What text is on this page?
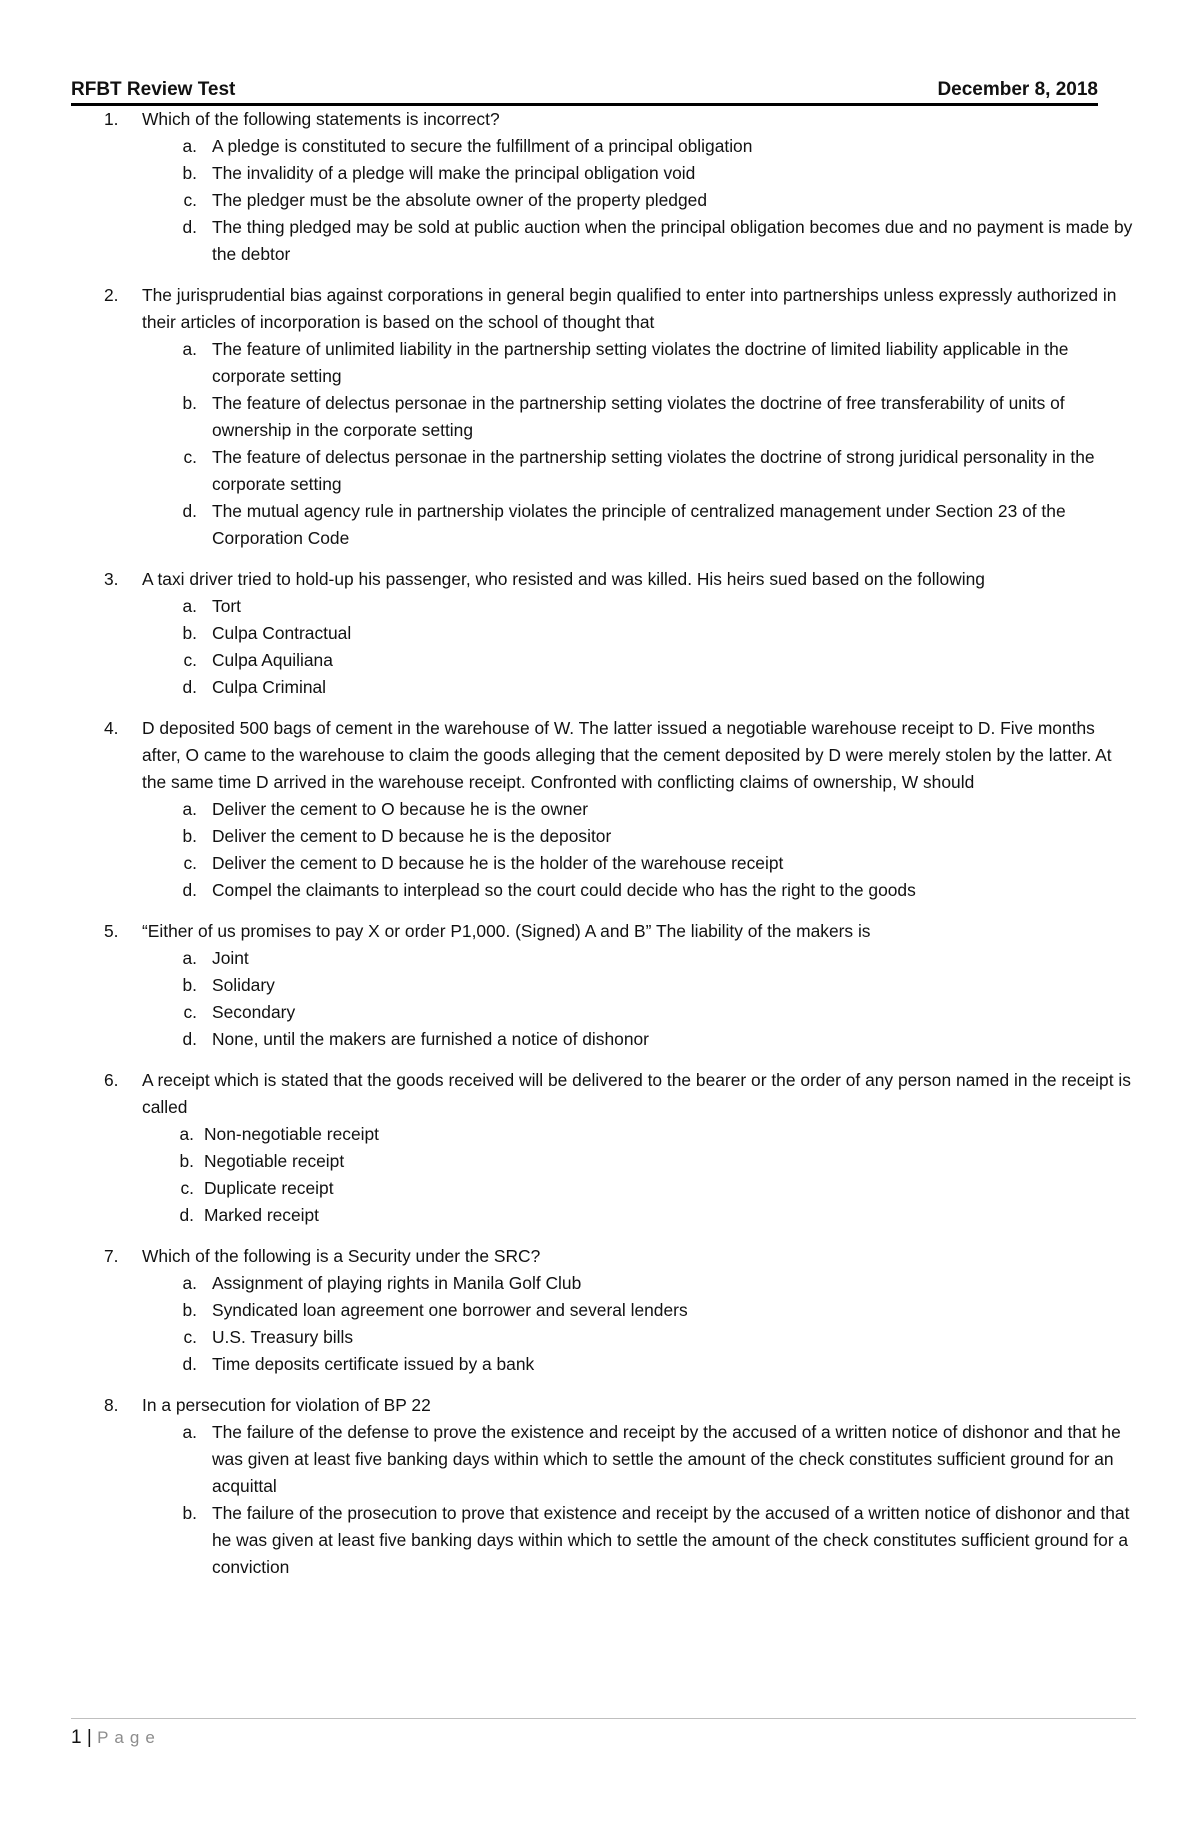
RFBT Review Test	December 8, 2018
1.	Which of the following statements is incorrect?
a. A pledge is constituted to secure the fulfillment of a principal obligation
b. The invalidity of a pledge will make the principal obligation void
c. The pledger must be the absolute owner of the property pledged
d. The thing pledged may be sold at public auction when the principal obligation becomes due and no payment is made by the debtor
2.	The jurisprudential bias against corporations in general begin qualified to enter into partnerships unless expressly authorized in their articles of incorporation is based on the school of thought that
a. The feature of unlimited liability in the partnership setting violates the doctrine of limited liability applicable in the corporate setting
b. The feature of delectus personae in the partnership setting violates the doctrine of free transferability of units of ownership in the corporate setting
c. The feature of delectus personae in the partnership setting violates the doctrine of strong juridical personality in the corporate setting
d. The mutual agency rule in partnership violates the principle of centralized management under Section 23 of the Corporation Code
3.	A taxi driver tried to hold-up his passenger, who resisted and was killed. His heirs sued based on the following
a. Tort
b. Culpa Contractual
c. Culpa Aquiliana
d. Culpa Criminal
4.	D deposited 500 bags of cement in the warehouse of W. The latter issued a negotiable warehouse receipt to D. Five months after, O came to the warehouse to claim the goods alleging that the cement deposited by D were merely stolen by the latter. At the same time D arrived in the warehouse receipt. Confronted with conflicting claims of ownership, W should
a. Deliver the cement to O because he is the owner
b. Deliver the cement to D because he is the depositor
c. Deliver the cement to D because he is the holder of the warehouse receipt
d. Compel the claimants to interplead so the court could decide who has the right to the goods
5.	“Either of us promises to pay X or order P1,000. (Signed) A and B” The liability of the makers is
a. Joint
b. Solidary
c. Secondary
d. None, until the makers are furnished a notice of dishonor
6.	A receipt which is stated that the goods received will be delivered to the bearer or the order of any person named in the receipt is called
a. Non-negotiable receipt
b. Negotiable receipt
c. Duplicate receipt
d. Marked receipt
7.	Which of the following is a Security under the SRC?
a. Assignment of playing rights in Manila Golf Club
b. Syndicated loan agreement one borrower and several lenders
c. U.S. Treasury bills
d. Time deposits certificate issued by a bank
8.	In a persecution for violation of BP 22
a. The failure of the defense to prove the existence and receipt by the accused of a written notice of dishonor and that he was given at least five banking days within which to settle the amount of the check constitutes sufficient ground for an acquittal
b. The failure of the prosecution to prove that existence and receipt by the accused of a written notice of dishonor and that he was given at least five banking days within which to settle the amount of the check constitutes sufficient ground for a conviction
1 | Page
